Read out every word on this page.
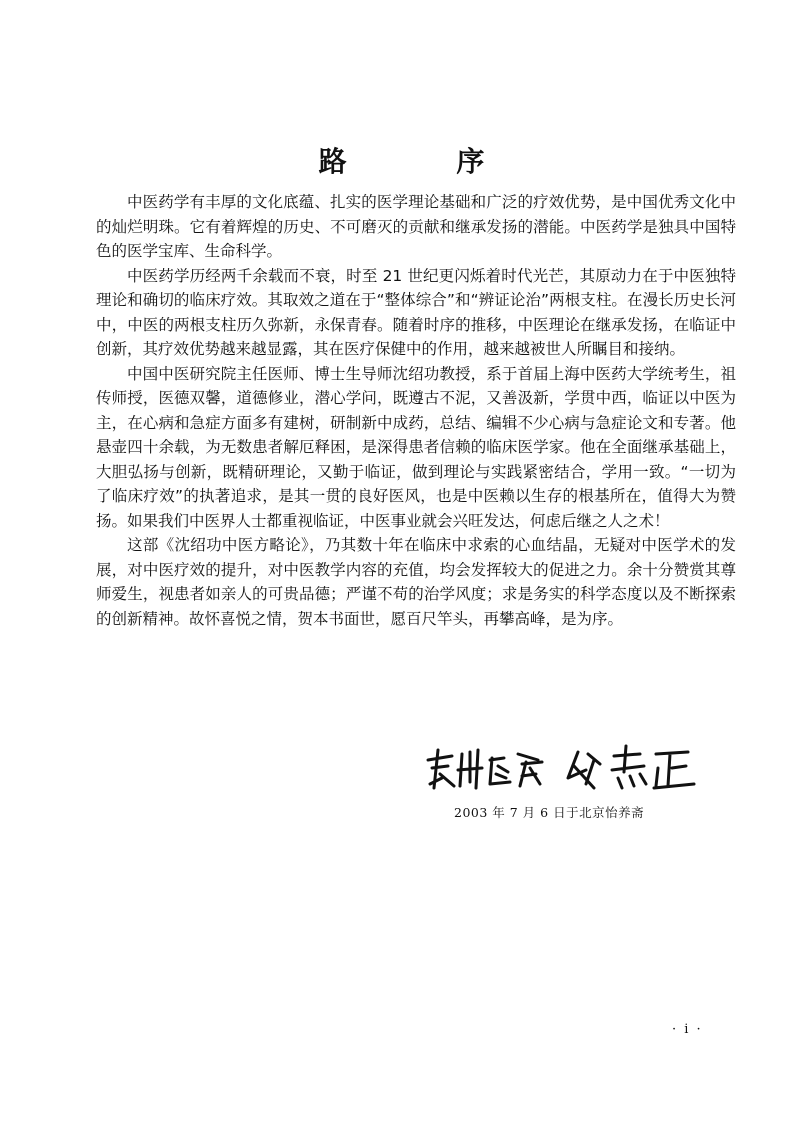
路 序

中医药学有丰厚的文化底蕴、扎实的医学理论基础和广泛的疗效优势，是中国优秀文化中的灿烂明珠。它有着辉煌的历史、不可磨灭的贡献和继承发扬的潜能。中医药学是独具中国特色的医学宝库、生命科学。

中医药学历经两千余载而不衰，时至 21 世纪更闪烁着时代光芒，其原动力在于中医独特理论和确切的临床疗效。其取效之道在于“整体综合”和“辨证论治”两根支柱。在漫长历史长河中，中医的两根支柱历久弥新，永保青春。随着时序的推移，中医理论在继承发扬，在临证中创新，其疗效优势越来越显露，其在医疗保健中的作用，越来越被世人所瞩目和接纳。

中国中医研究院主任医师、博士生导师沈绍功教授，系于首届上海中医药大学统考生，祖传师授，医德双馨，道德修业，潜心学问，既遵古不泥，又善汲新，学贯中西，临证以中医为主，在心病和急症方面多有建树，研制新中成药，总结、编辑不少心病与急症论文和专著。他悬壶四十余载，为无数患者解厄释困，是深得患者信赖的临床医学家。他在全面继承基础上，大胆弘扬与创新，既精研理论，又勤于临证，做到理论与实践紧密结合，学用一致。“一切为了临床疗效”的执著追求，是其一贯的良好医风，也是中医赖以生存的根基所在，值得大为赞扬。如果我们中医界人士都重视临证，中医事业就会兴旺发达，何虑后继之人之术！

这部《沈绍功中医方略论》，乃其数十年在临床中求索的心血结晶，无疑对中医学术的发展，对中医疗效的提升，对中医教学内容的充值，均会发挥较大的促进之力。余十分赞赏其尊师爱生，视患者如亲人的可贵品德；严谨不苟的治学风度；求是务实的科学态度以及不断探索的创新精神。故怀喜悦之情，贺本书面世，愿百尺竿头，再攀高峰，是为序。

2003 年 7 月 6 日于北京怡养斋
· i ·
